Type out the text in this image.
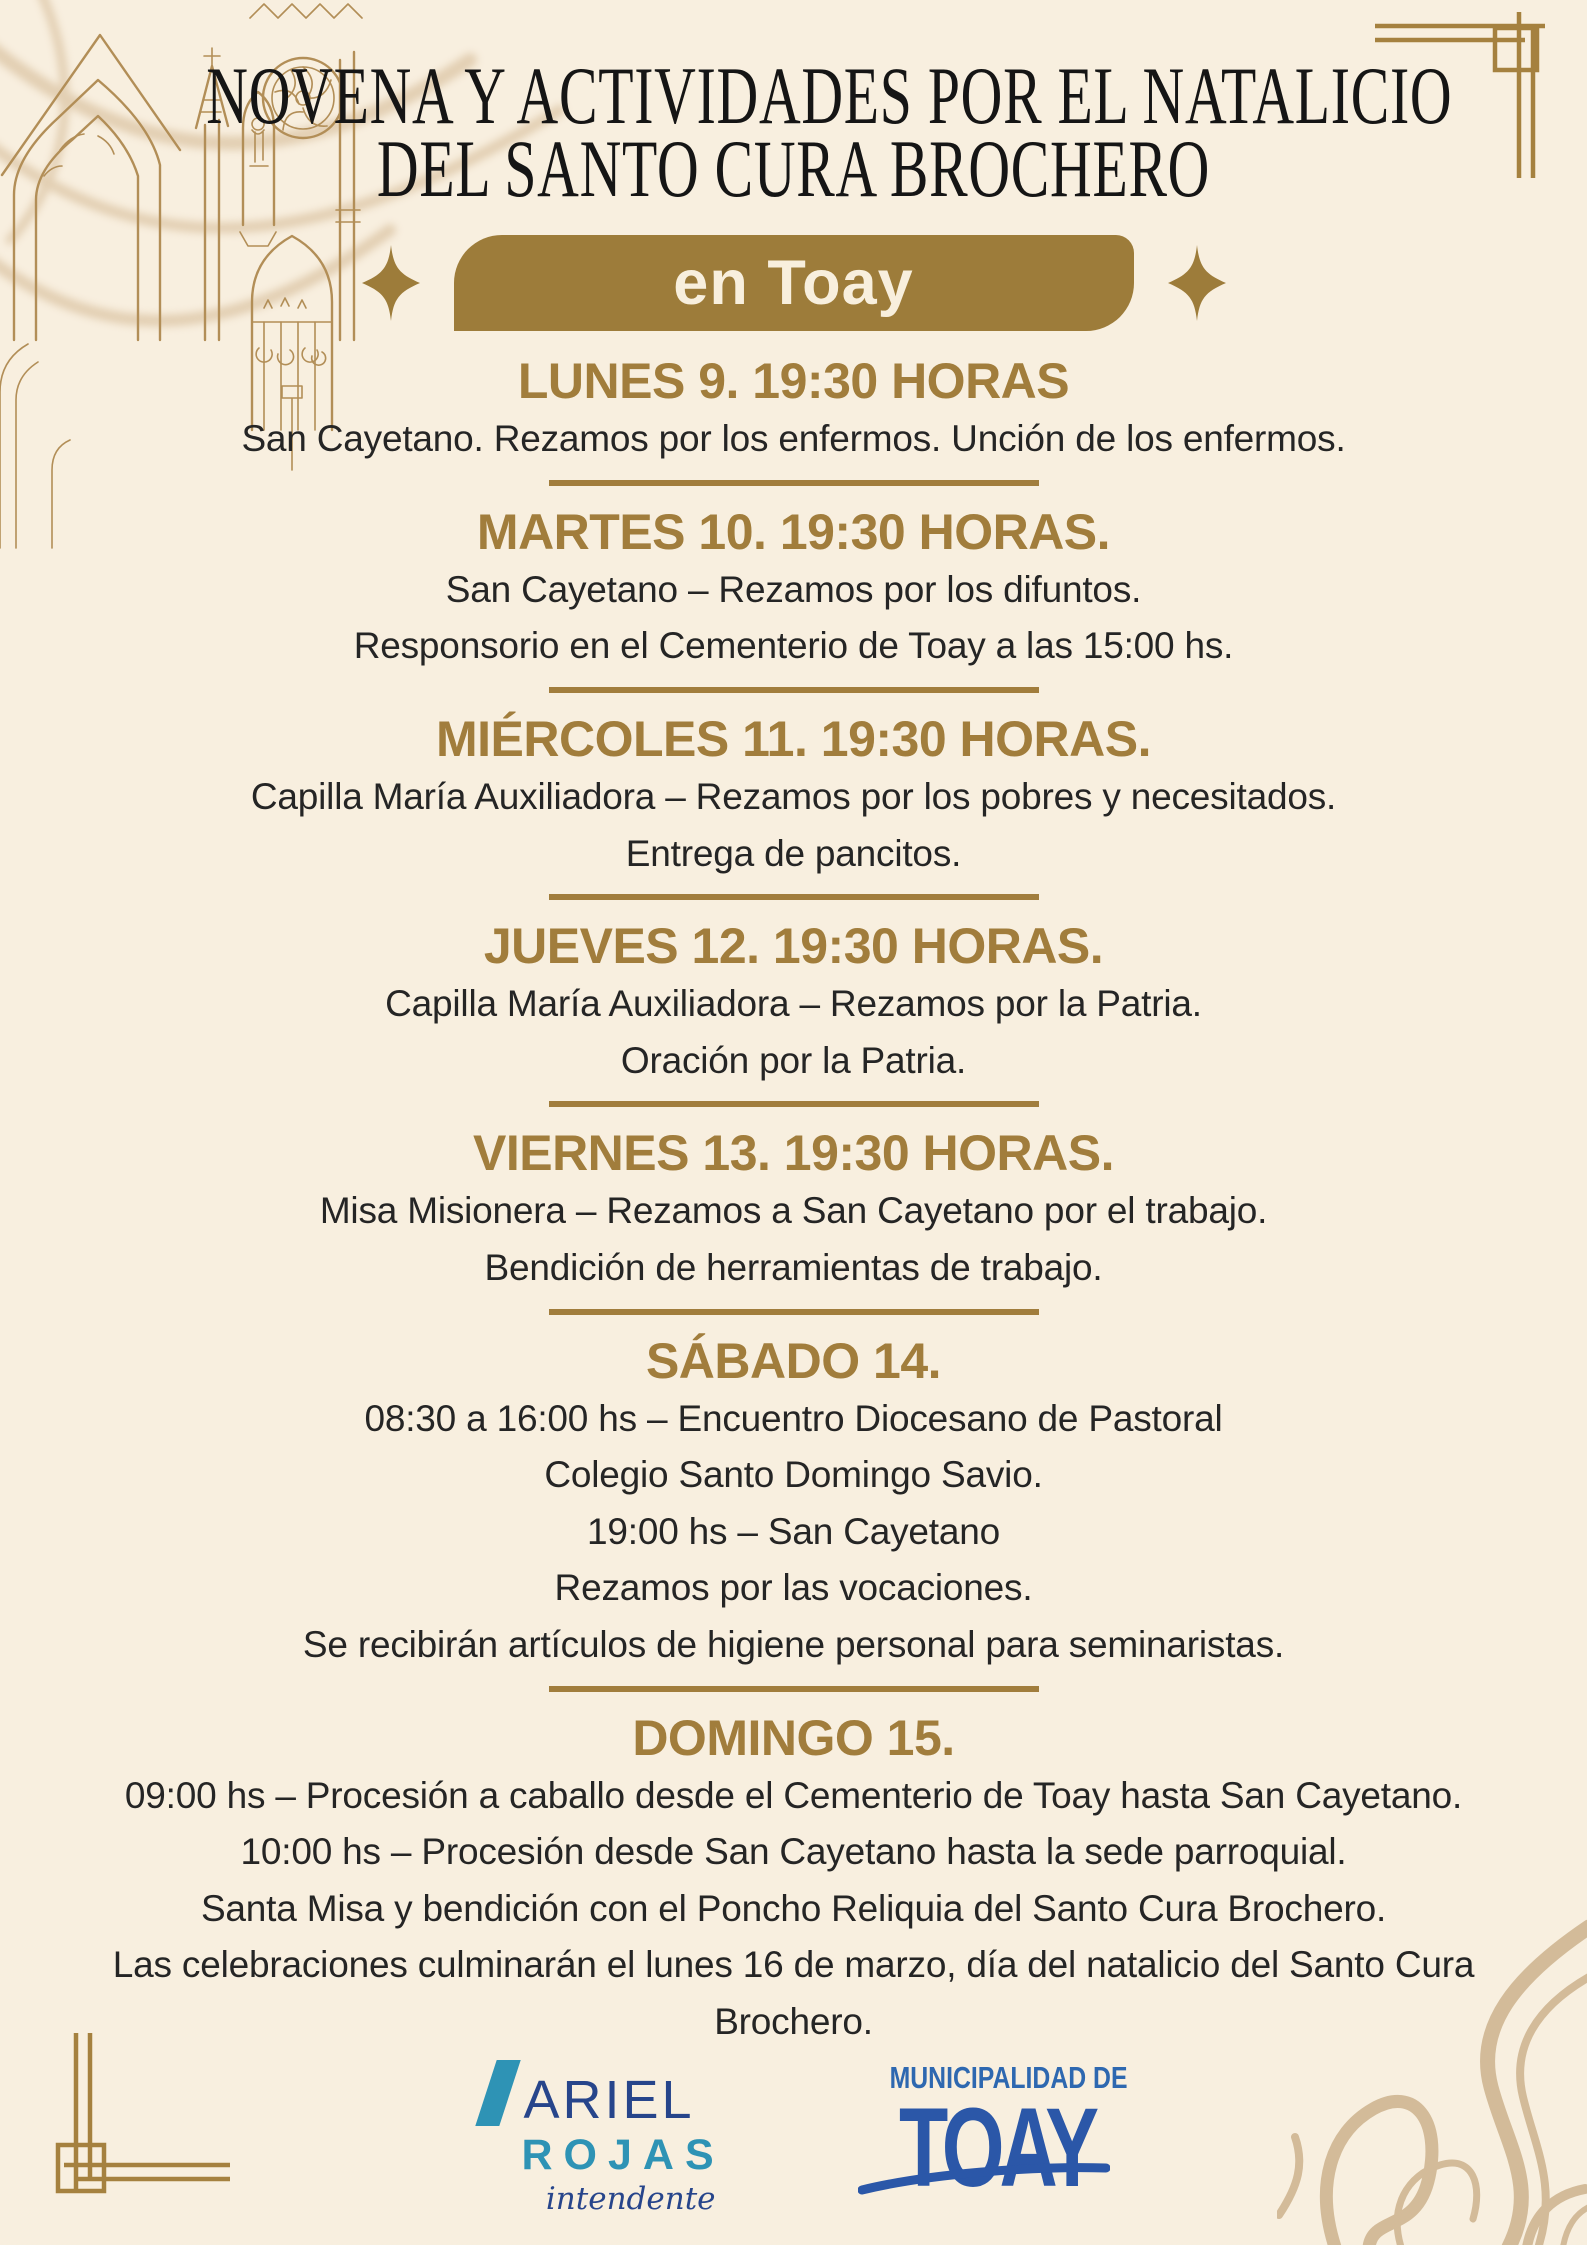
NOVENA Y ACTIVIDADES POR EL NATALICIO
DEL SANTO CURA BROCHERO
en Toay
LUNES 9. 19:30 HORAS

San Cayetano. Rezamos por los enfermos. Unción de los enfermos.

MARTES 10. 19:30 HORAS.

San Cayetano – Rezamos por los difuntos.

Responsorio en el Cementerio de Toay a las 15:00 hs.

MIÉRCOLES 11. 19:30 HORAS.

Capilla María Auxiliadora – Rezamos por los pobres y necesitados.

Entrega de pancitos.

JUEVES 12. 19:30 HORAS.

Capilla María Auxiliadora – Rezamos por la Patria.

Oración por la Patria.

VIERNES 13. 19:30 HORAS.

Misa Misionera – Rezamos a San Cayetano por el trabajo.

Bendición de herramientas de trabajo.

SÁBADO 14.

08:30 a 16:00 hs – Encuentro Diocesano de Pastoral

Colegio Santo Domingo Savio.

19:00 hs – San Cayetano

Rezamos por las vocaciones.

Se recibirán artículos de higiene personal para seminaristas.

DOMINGO 15.

09:00 hs – Procesión a caballo desde el Cementerio de Toay hasta San Cayetano.

10:00 hs – Procesión desde San Cayetano hasta la sede parroquial.

Santa Misa y bendición con el Poncho Reliquia del Santo Cura Brochero.

Las celebraciones culminarán el lunes 16 de marzo, día del natalicio del Santo Cura Brochero.

ARIEL
ROJAS
intendente
MUNICIPALIDAD DE
TOAY
